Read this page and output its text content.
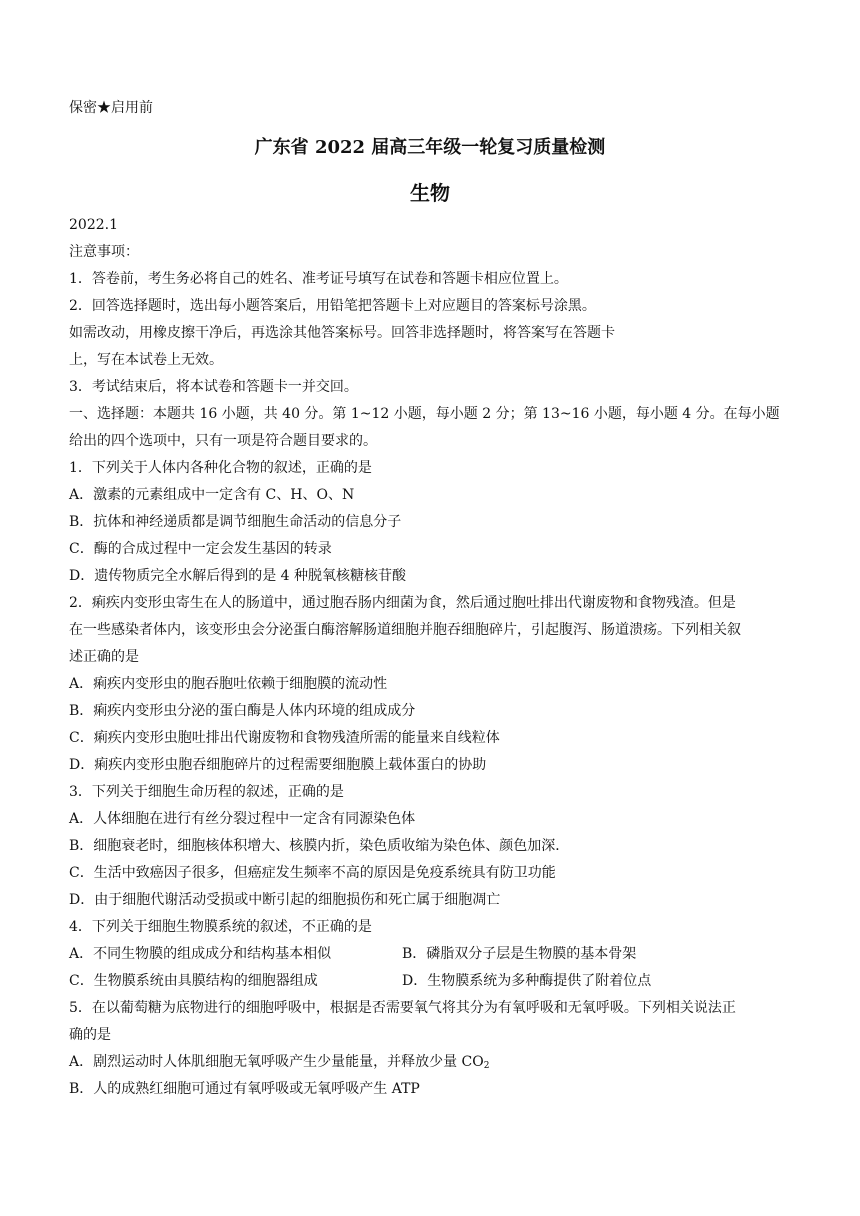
保密★启用前
广东省 2022 届高三年级一轮复习质量检测
生物
2022.1
注意事项：
1．答卷前，考生务必将自己的姓名、准考证号填写在试卷和答题卡相应位置上。
2．回答选择题时，选出每小题答案后，用铅笔把答题卡上对应题目的答案标号涂黑。
如需改动，用橡皮擦干净后，再选涂其他答案标号。回答非选择题时，将答案写在答题卡
上，写在本试卷上无效。
3．考试结束后，将本试卷和答题卡一并交回。
一、选择题：本题共 16 小题，共 40 分。第 1~12 小题，每小题 2 分；第 13~16 小题，每小题 4 分。在每小题
给出的四个选项中，只有一项是符合题目要求的。
1．下列关于人体内各种化合物的叙述，正确的是
A．激素的元素组成中一定含有 C、H、O、N
B．抗体和神经递质都是调节细胞生命活动的信息分子
C．酶的合成过程中一定会发生基因的转录
D．遗传物质完全水解后得到的是 4 种脱氧核糖核苷酸
2．痢疾内变形虫寄生在人的肠道中，通过胞吞肠内细菌为食，然后通过胞吐排出代谢废物和食物残渣。但是
在一些感染者体内，该变形虫会分泌蛋白酶溶解肠道细胞并胞吞细胞碎片，引起腹泻、肠道溃疡。下列相关叙
述正确的是
A．痢疾内变形虫的胞吞胞吐依赖于细胞膜的流动性
B．痢疾内变形虫分泌的蛋白酶是人体内环境的组成成分
C．痢疾内变形虫胞吐排出代谢废物和食物残渣所需的能量来自线粒体
D．痢疾内变形虫胞吞细胞碎片的过程需要细胞膜上载体蛋白的协助
3．下列关于细胞生命历程的叙述，正确的是
A．人体细胞在进行有丝分裂过程中一定含有同源染色体
B．细胞衰老时，细胞核体积增大、核膜内折，染色质收缩为染色体、颜色加深．
C．生活中致癌因子很多，但癌症发生频率不高的原因是免疫系统具有防卫功能
D．由于细胞代谢活动受损或中断引起的细胞损伤和死亡属于细胞凋亡
4．下列关于细胞生物膜系统的叙述，不正确的是
A．不同生物膜的组成成分和结构基本相似	B．磷脂双分子层是生物膜的基本骨架
C．生物膜系统由具膜结构的细胞器组成	D．生物膜系统为多种酶提供了附着位点
5．在以葡萄糖为底物进行的细胞呼吸中，根据是否需要氧气将其分为有氧呼吸和无氧呼吸。下列相关说法正
确的是
A．剧烈运动时人体肌细胞无氧呼吸产生少量能量，并释放少量 $CO_2$
B．人的成熟红细胞可通过有氧呼吸或无氧呼吸产生 ATP
